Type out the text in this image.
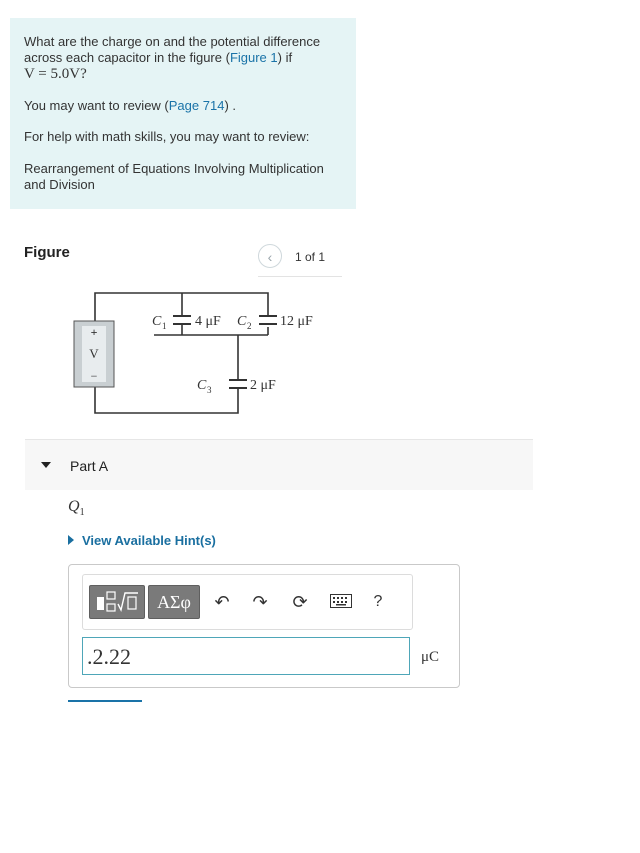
What are the charge on and the potential difference across each capacitor in the figure (Figure 1) if
V = 5.0V?

You may want to review (Page 714) .

For help with math skills, you may want to review:

Rearrangement of Equations Involving Multiplication and Division

Figure	‹	1 of 1
+
V
−
C 1 4 μF C 2 12 μF
C 3	2 μF
Part A
$Q_1$
View Available Hint(s)
ΑΣφ	↶ ↷ ⟳	?
.2.22	μC
